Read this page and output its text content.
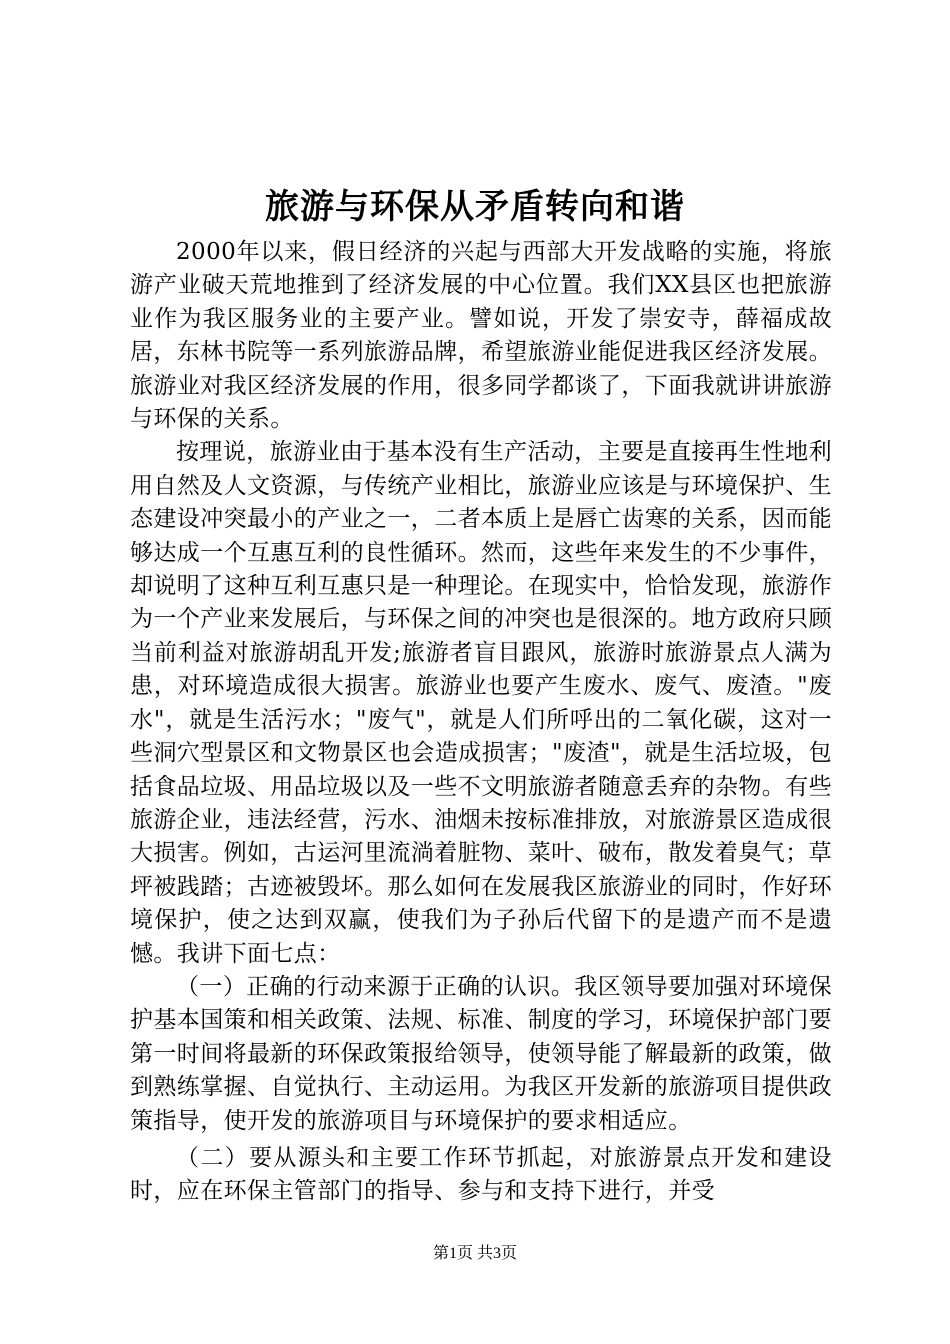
旅游与环保从矛盾转向和谐

2000年以来，假日经济的兴起与西部大开发战略的实施，将旅游产业破天荒地推到了经济发展的中心位置。我们XX县区也把旅游业作为我区服务业的主要产业。譬如说，开发了崇安寺，薛福成故居，东林书院等一系列旅游品牌，希望旅游业能促进我区经济发展。旅游业对我区经济发展的作用，很多同学都谈了，下面我就讲讲旅游与环保的关系。

按理说，旅游业由于基本没有生产活动，主要是直接再生性地利用自然及人文资源，与传统产业相比，旅游业应该是与环境保护、生态建设冲突最小的产业之一，二者本质上是唇亡齿寒的关系，因而能够达成一个互惠互利的良性循环。然而，这些年来发生的不少事件，却说明了这种互利互惠只是一种理论。在现实中，恰恰发现，旅游作为一个产业来发展后，与环保之间的冲突也是很深的。地方政府只顾当前利益对旅游胡乱开发;旅游者盲目跟风，旅游时旅游景点人满为患，对环境造成很大损害。旅游业也要产生废水、废气、废渣。"废水"，就是生活污水；"废气"，就是人们所呼出的二氧化碳，这对一些洞穴型景区和文物景区也会造成损害；"废渣"，就是生活垃圾，包括食品垃圾、用品垃圾以及一些不文明旅游者随意丢弃的杂物。有些旅游企业，违法经营，污水、油烟未按标准排放，对旅游景区造成很大损害。例如，古运河里流淌着脏物、菜叶、破布，散发着臭气；草坪被践踏；古迹被毁坏。那么如何在发展我区旅游业的同时，作好环境保护，使之达到双赢，使我们为子孙后代留下的是遗产而不是遗憾。我讲下面七点：

（一）正确的行动来源于正确的认识。我区领导要加强对环境保护基本国策和相关政策、法规、标准、制度的学习，环境保护部门要第一时间将最新的环保政策报给领导，使领导能了解最新的政策，做到熟练掌握、自觉执行、主动运用。为我区开发新的旅游项目提供政策指导，使开发的旅游项目与环境保护的要求相适应。

（二）要从源头和主要工作环节抓起，对旅游景点开发和建设时，应在环保主管部门的指导、参与和支持下进行，并受

第1页 共3页
